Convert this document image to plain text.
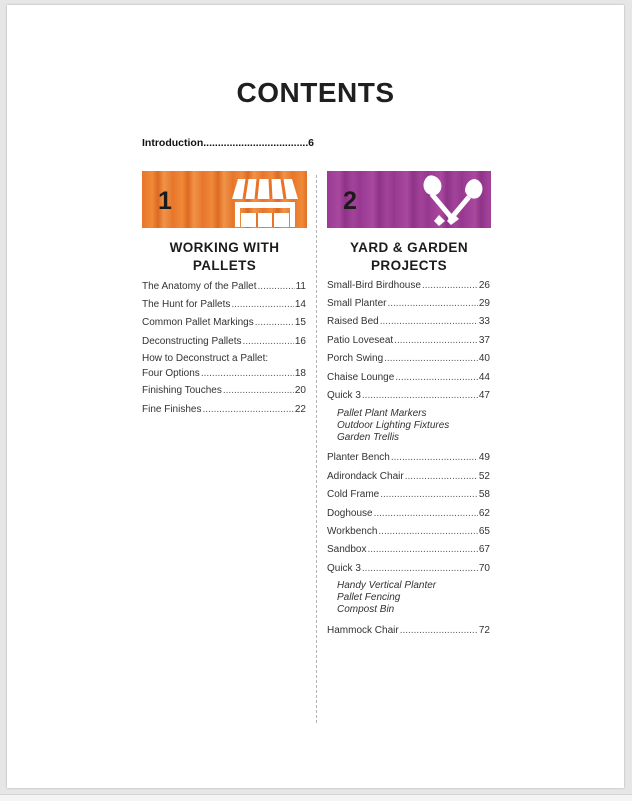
CONTENTS
Introduction .....	6
1	2
WORKING WITH
PALLETS
YARD & GARDEN
PROJECTS
The Anatomy of the Pallet .....	11
The Hunt for Pallets .....	14
Common Pallet Markings .....	15
Deconstructing Pallets .....	16
How to Deconstruct a Pallet:
Four Options .....	18
Finishing Touches .....	20
Fine Finishes .....	22
Small-Bird Birdhouse .....	26
Small Planter .....	29
Raised Bed .....	33
Patio Loveseat .....	37
Porch Swing .....	40
Chaise Lounge .....	44
Quick 3 .....	47
Pallet Plant Markers
Outdoor Lighting Fixtures
Garden Trellis
Planter Bench .....	49
Adirondack Chair .....	52
Cold Frame .....	58
Doghouse .....	62
Workbench .....	65
Sandbox .....	67
Quick 3 .....	70
Handy Vertical Planter
Pallet Fencing
Compost Bin
Hammock Chair .....	72
